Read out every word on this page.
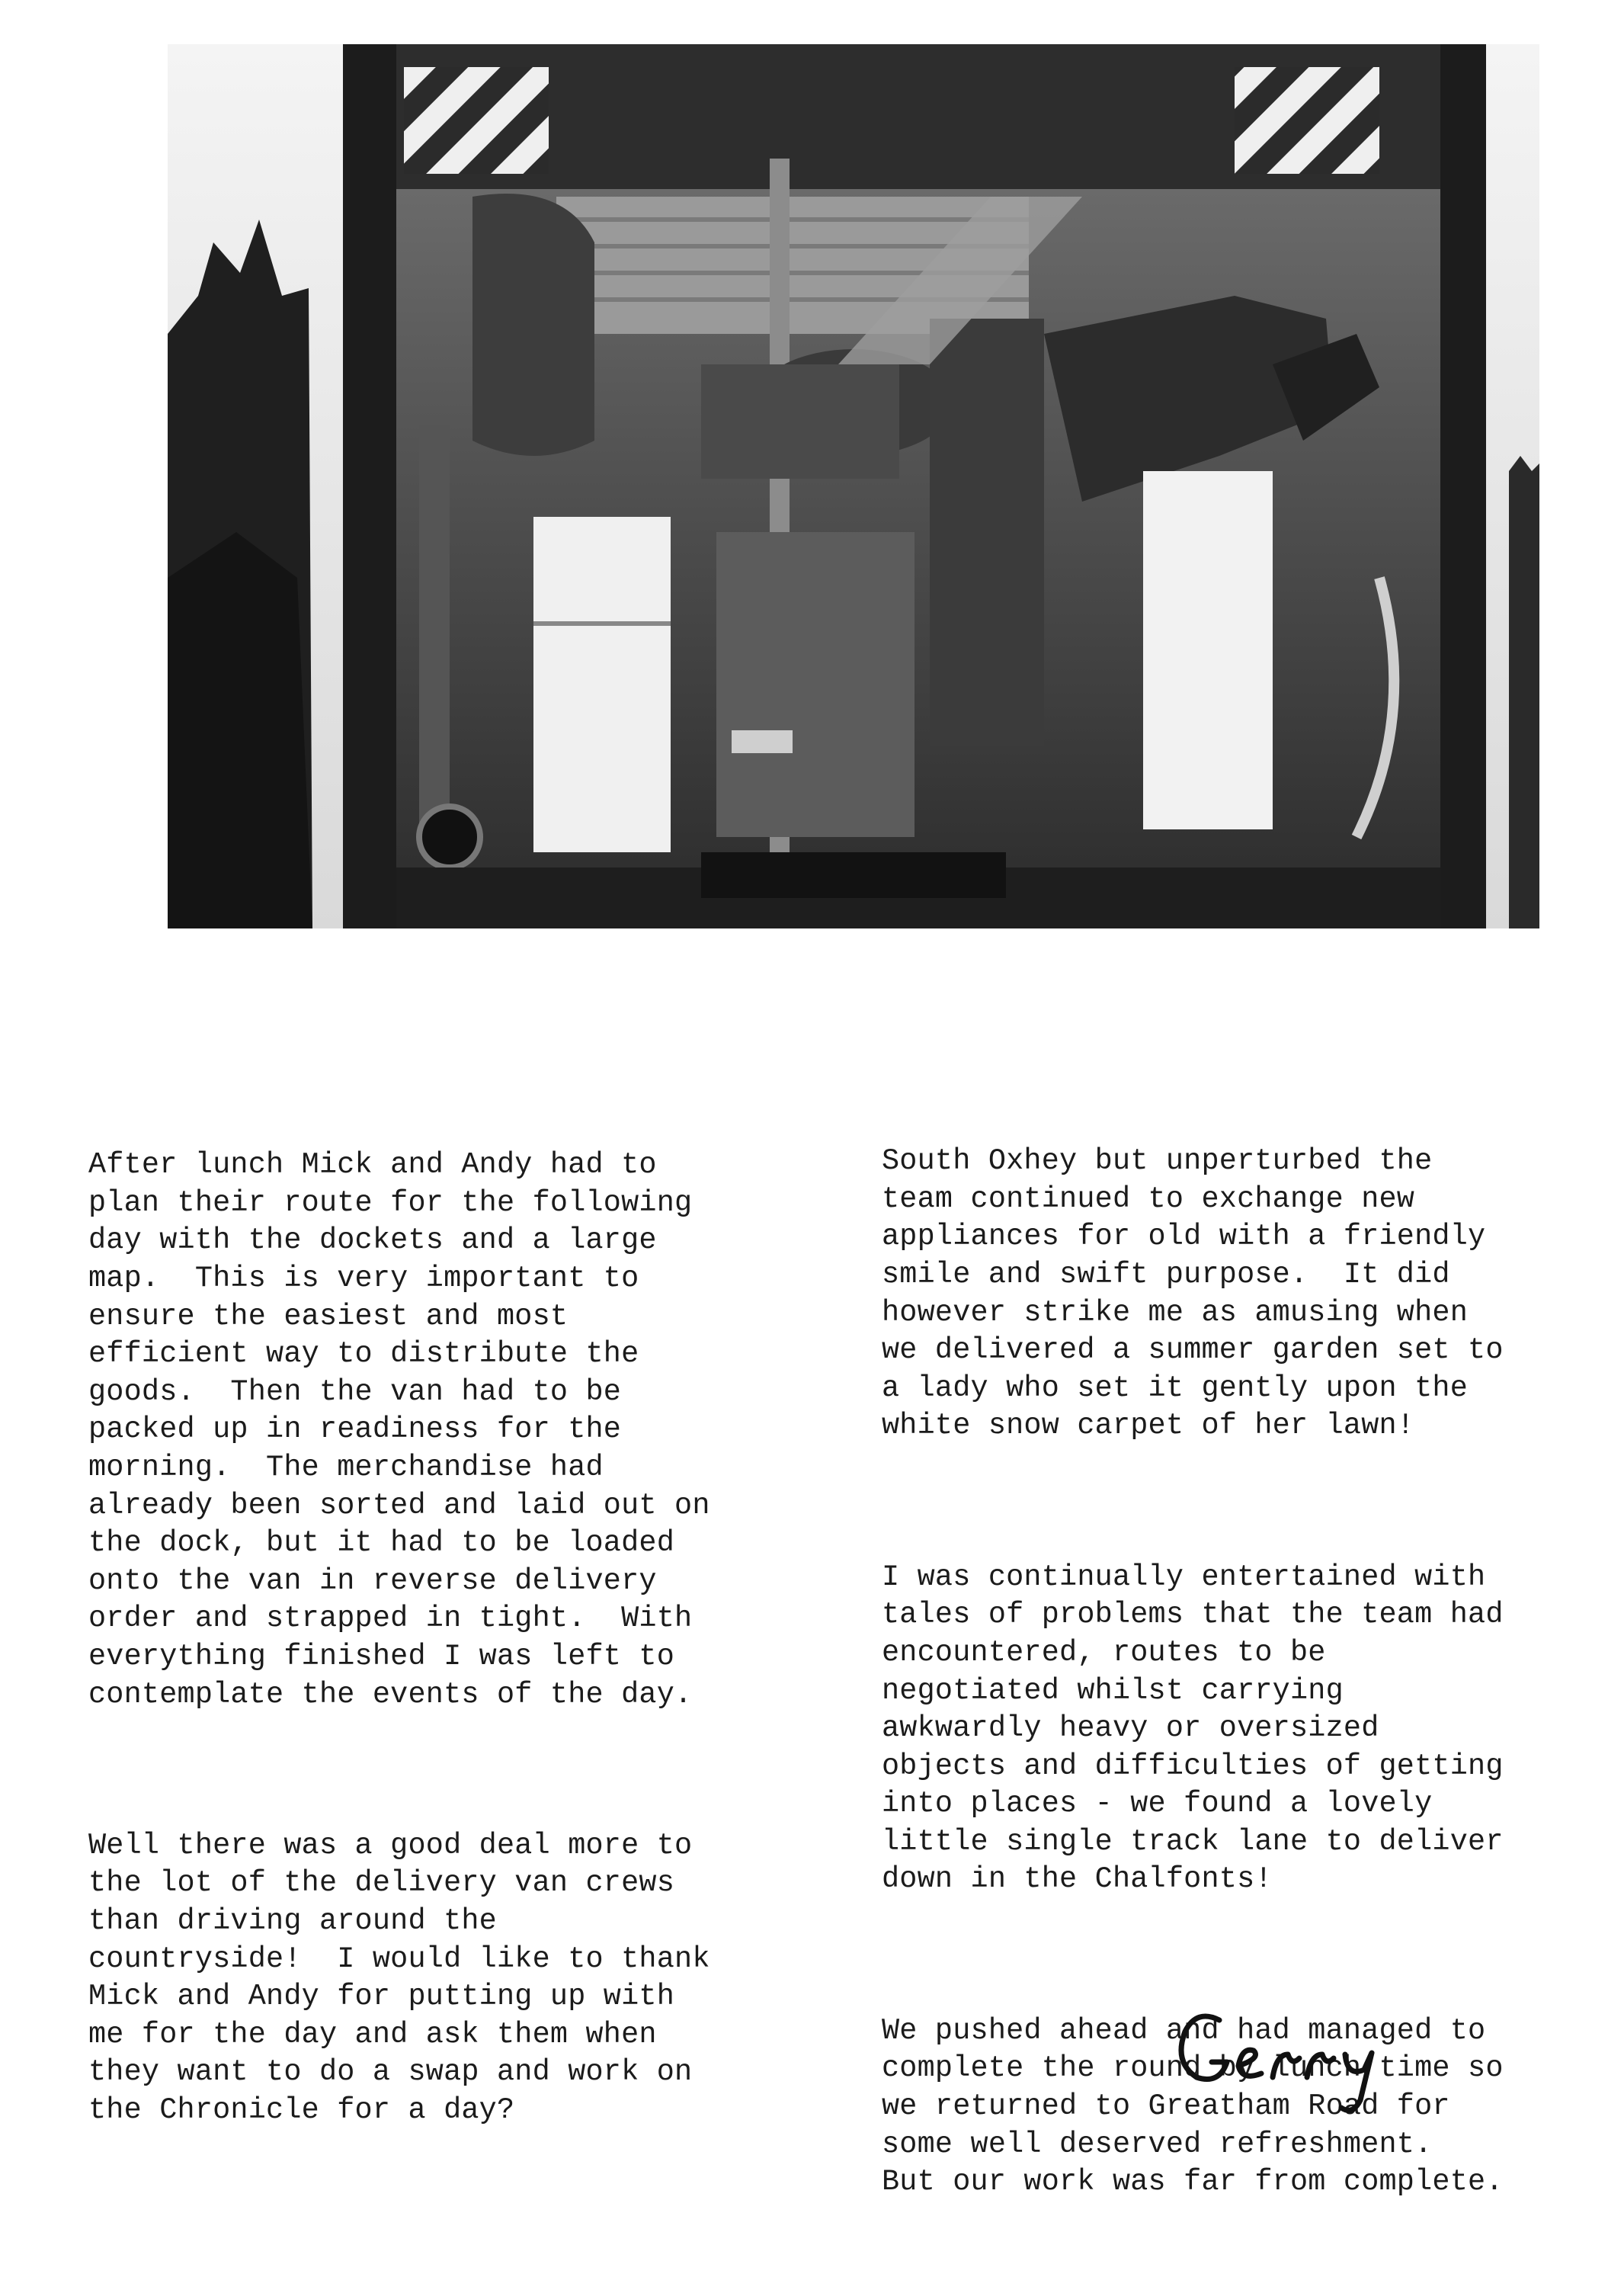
After lunch Mick and Andy had to
plan their route for the following
day with the dockets and a large
map.  This is very important to
ensure the easiest and most
efficient way to distribute the
goods.  Then the van had to be
packed up in readiness for the
morning.  The merchandise had
already been sorted and laid out on
the dock, but it had to be loaded
onto the van in reverse delivery
order and strapped in tight.  With
everything finished I was left to
contemplate the events of the day.

Well there was a good deal more to
the lot of the delivery van crews
than driving around the
countryside!  I would like to thank
Mick and Andy for putting up with
me for the day and ask them when
they want to do a swap and work on
the Chronicle for a day?

South Oxhey but unperturbed the
team continued to exchange new
appliances for old with a friendly
smile and swift purpose.  It did
however strike me as amusing when
we delivered a summer garden set to
a lady who set it gently upon the
white snow carpet of her lawn!

I was continually entertained with
tales of problems that the team had
encountered, routes to be
negotiated whilst carrying
awkwardly heavy or oversized
objects and difficulties of getting
into places - we found a lovely
little single track lane to deliver
down in the Chalfonts!

We pushed ahead and had managed to
complete the round by lunch time so
we returned to Greatham Road for
some well deserved refreshment.
But our work was far from complete.
